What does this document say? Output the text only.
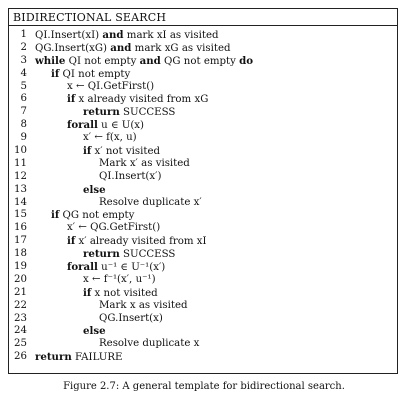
BIDIRECTIONAL SEARCH
1 QI.Insert(xI) and mark xI as visited
2 QG.Insert(xG) and mark xG as visited
3 while QI not empty and QG not empty do
4 if QI not empty
5	x ← QI.GetFirst()
6	if x already visited from xG
7	return SUCCESS
8	forall u ∈ U(x)
9	x′ ← f(x, u)
10	if x′ not visited
11	Mark x′ as visited
12	QI.Insert(x′)
13	else
14	Resolve duplicate x′
15 if QG not empty
16	x′ ← QG.GetFirst()
17	if x′ already visited from xI
18	return SUCCESS
19	forall u⁻¹ ∈ U⁻¹(x′)
20	x ← f⁻¹(x′, u⁻¹)
21	if x not visited
22	Mark x as visited
23	QG.Insert(x)
24	else
25	Resolve duplicate x
26 return FAILURE
Figure 2.7: A general template for bidirectional search.
